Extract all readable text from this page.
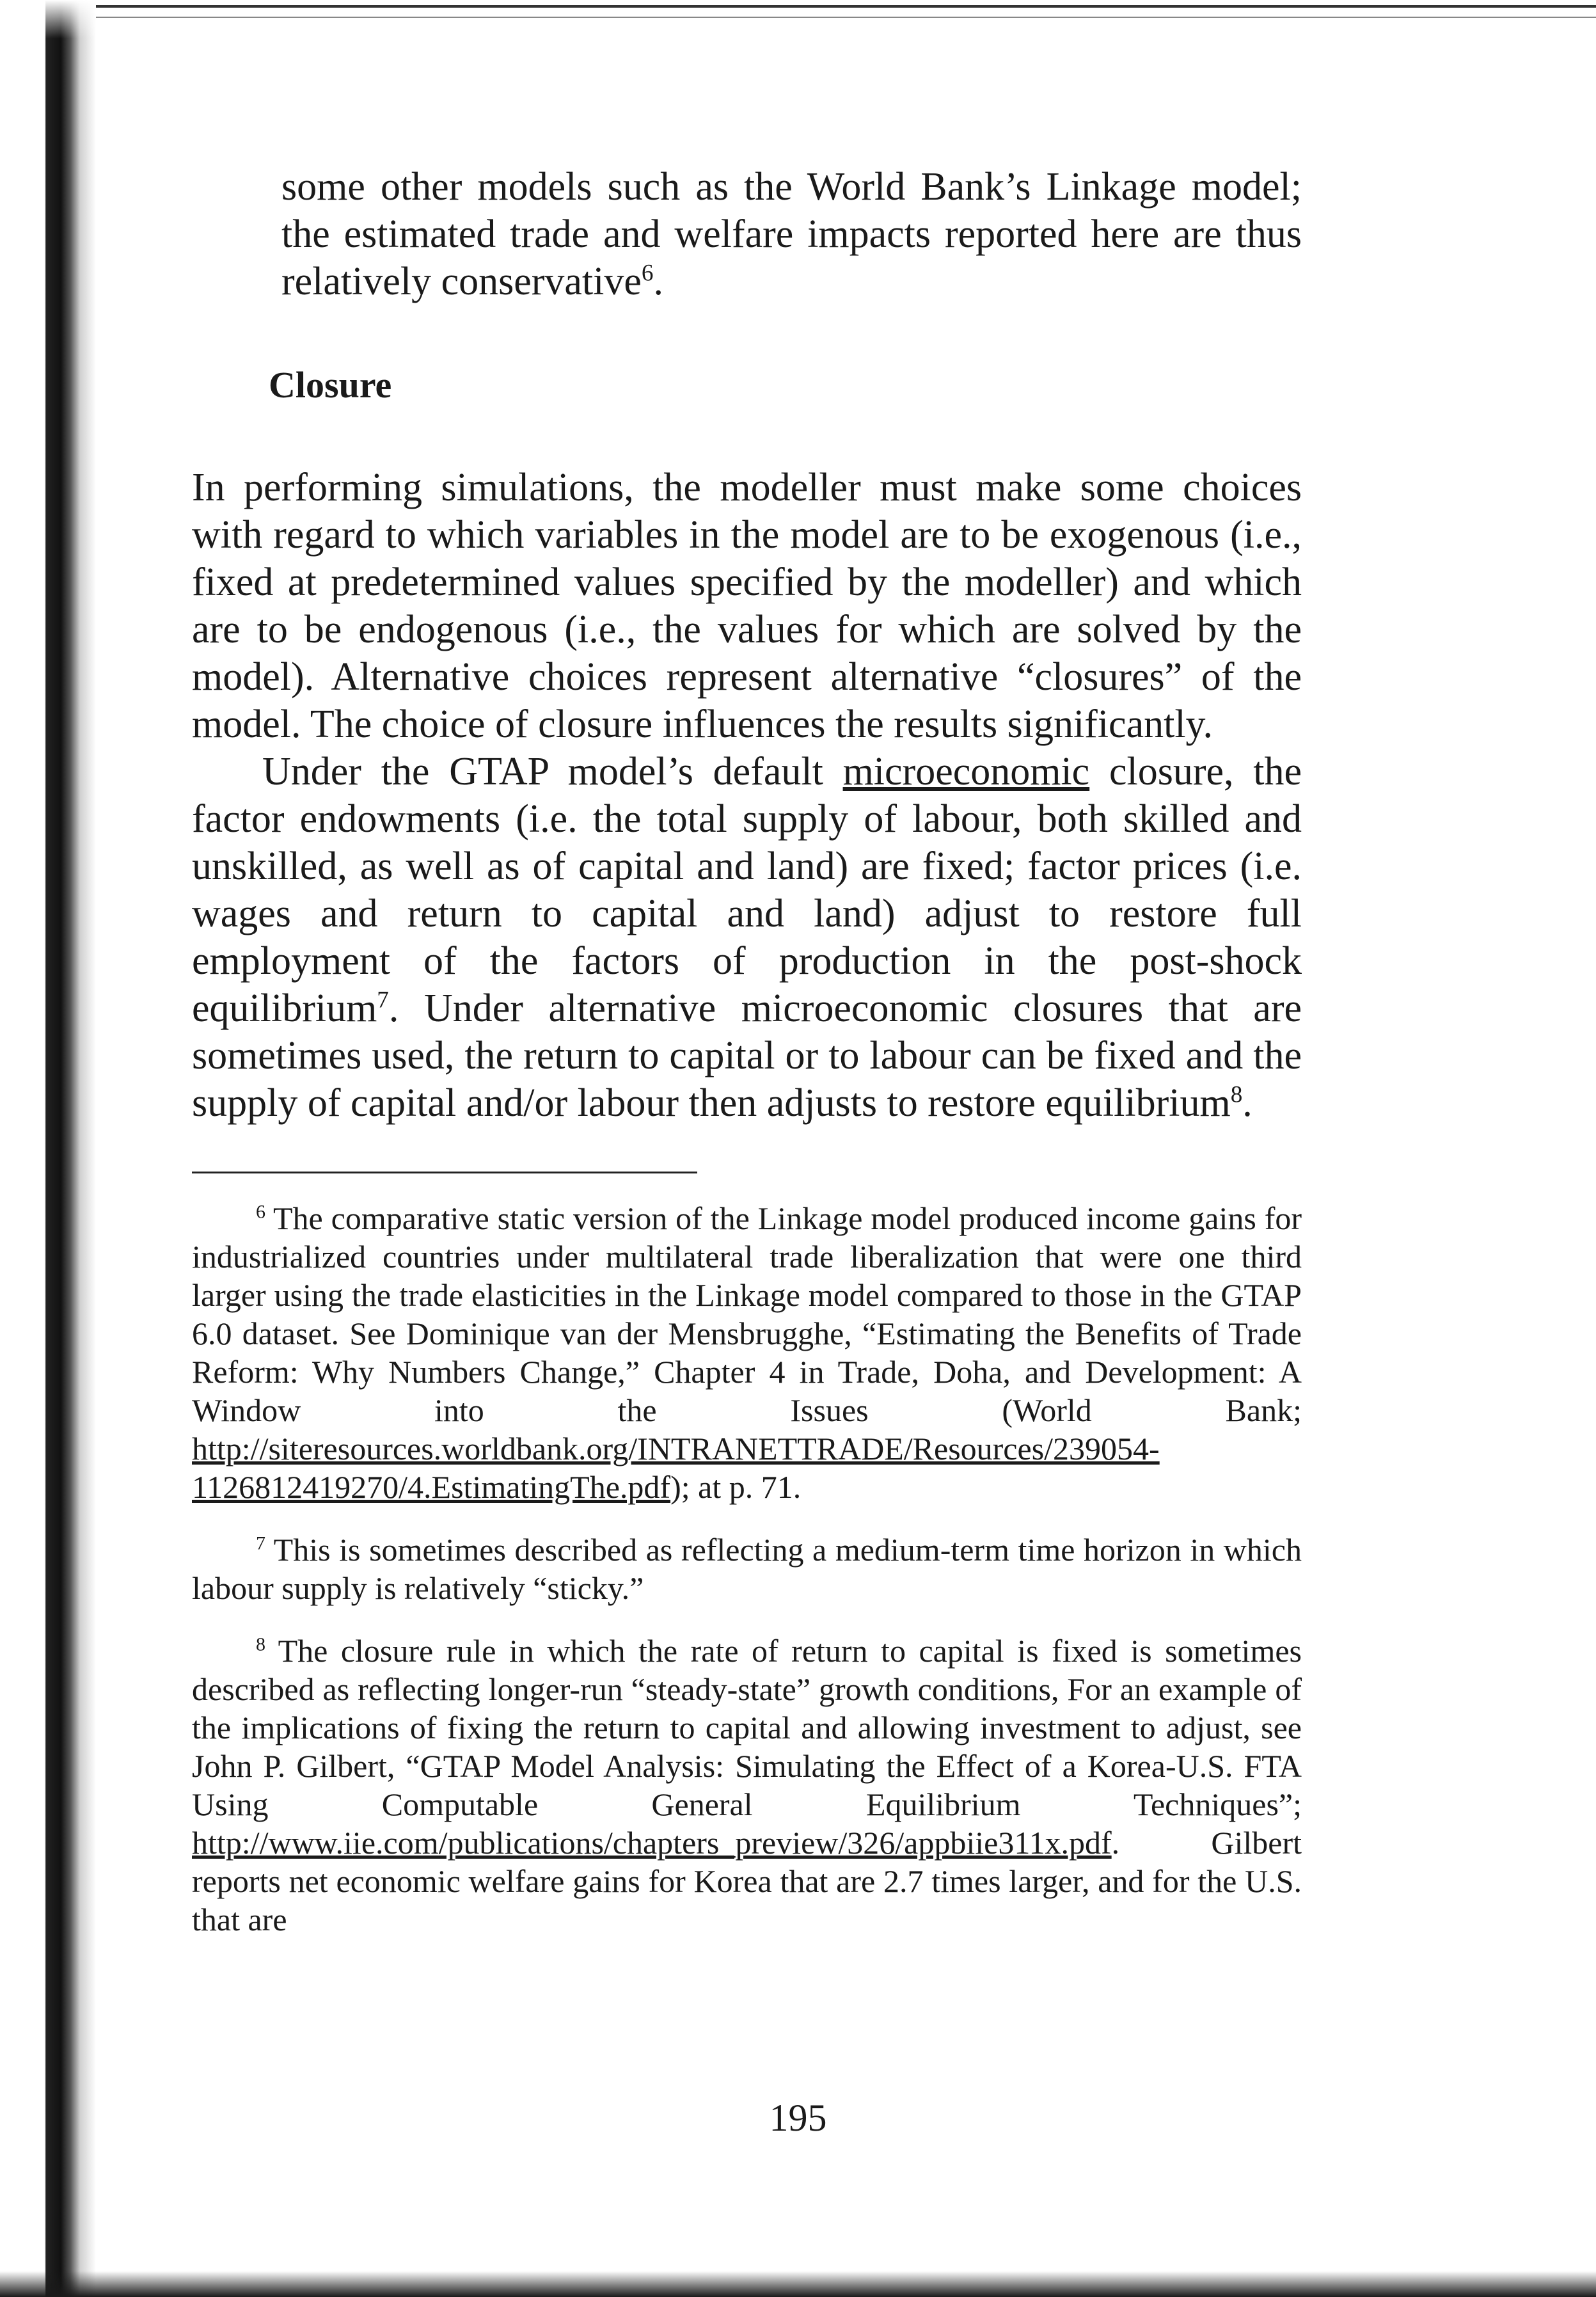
some other models such as the World Bank’s Linkage model; the estimated trade and welfare impacts reported here are thus relatively conservative$^6$.

Closure

In performing simulations, the modeller must make some choices with regard to which variables in the model are to be exogenous (i.e., fixed at predetermined values specified by the modeller) and which are to be endogenous (i.e., the values for which are solved by the model). Alternative choices represent alternative “closures” of the model. The choice of closure influences the results significantly.

Under the GTAP model’s default microeconomic closure, the factor endowments (i.e. the total supply of labour, both skilled and unskilled, as well as of capital and land) are fixed; factor prices (i.e. wages and return to capital and land) adjust to restore full employment of the factors of production in the post-shock equilibrium$^7$. Under alternative microeconomic closures that are sometimes used, the return to capital or to labour can be fixed and the supply of capital and/or labour then adjusts to restore equilibrium$^8$.

$^6$ The comparative static version of the Linkage model produced income gains for industrialized countries under multilateral trade liberalization that were one third larger using the trade elasticities in the Linkage model compared to those in the GTAP 6.0 dataset. See Dominique van der Mensbrugghe, “Estimating the Benefits of Trade Reform: Why Numbers Change,” Chapter 4 in Trade, Doha, and Development: A Window into the Issues (World Bank; http://siteresources.worldbank.org/INTRANETTRADE/Resources/239054-1126812419270/4.EstimatingThe.pdf); at p. 71.

$^7$ This is sometimes described as reflecting a medium-term time horizon in which labour supply is relatively “sticky.”

$^8$ The closure rule in which the rate of return to capital is fixed is sometimes described as reflecting longer-run “steady-state” growth conditions, For an example of the implications of fixing the return to capital and allowing investment to adjust, see John P. Gilbert, “GTAP Model Analysis: Simulating the Effect of a Korea-U.S. FTA Using Computable General Equilibrium Techniques”; http://www.iie.com/publications/chapters_preview/326/appbiie311x.pdf. Gilbert reports net economic welfare gains for Korea that are 2.7 times larger, and for the U.S. that are

195
